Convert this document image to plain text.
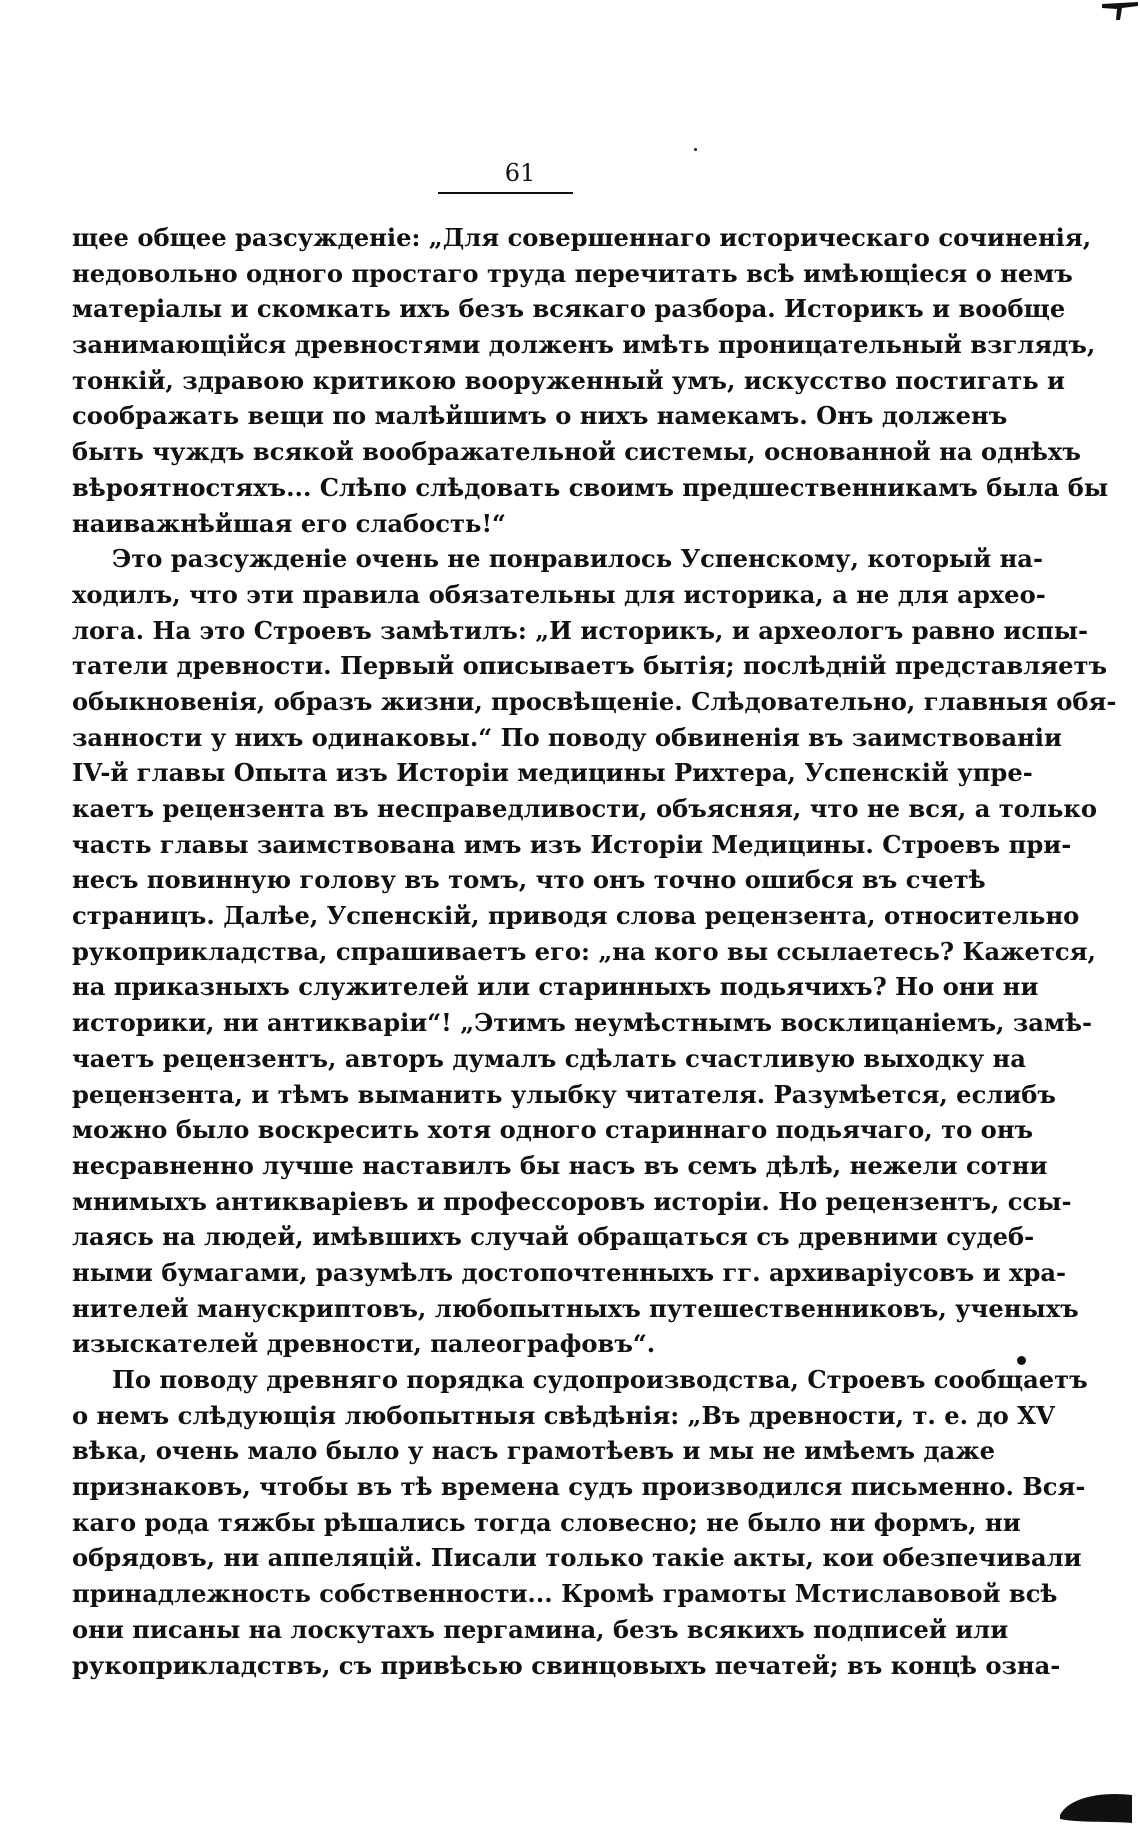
61
щее общее разсужденіе: „Для совершеннаго историческаго сочиненія,
недовольно одного простаго труда перечитать всѣ имѣющіеся о немъ
матеріалы и скомкать ихъ безъ всякаго разбора. Историкъ и вообще
занимающійся древностями долженъ имѣть проницательный взглядъ,
тонкій, здравою критикою вооруженный умъ, искусство постигать и
соображать вещи по малѣйшимъ о нихъ намекамъ. Онъ долженъ
быть чуждъ всякой воображательной системы, основанной на однѣхъ
вѣроятностяхъ... Слѣпо слѣдовать своимъ предшественникамъ была бы
наиважнѣйшая его слабость!“
Это разсужденіе очень не понравилось Успенскому, который на-
ходилъ, что эти правила обязательны для историка, а не для архео-
лога. На это Строевъ замѣтилъ: „И историкъ, и археологъ равно испы-
татели древности. Первый описываетъ бытія; послѣдній представляетъ
обыкновенія, образъ жизни, просвѣщеніе. Слѣдовательно, главныя обя-
занности у нихъ одинаковы.“ По поводу обвиненія въ заимствованіи
IV-й главы Опыта изъ Исторіи медицины Рихтера, Успенскій упре-
каетъ рецензента въ несправедливости, объясняя, что не вся, а только
часть главы заимствована имъ изъ Исторіи Медицины. Строевъ при-
несъ повинную голову въ томъ, что онъ точно ошибся въ счетѣ
страницъ. Далѣе, Успенскій, приводя слова рецензента, относительно
рукоприкладства, спрашиваетъ его: „на кого вы ссылаетесь? Кажется,
на приказныхъ служителей или старинныхъ подьячихъ? Но они ни
историки, ни антикваріи“! „Этимъ неумѣстнымъ восклицаніемъ, замѣ-
чаетъ рецензентъ, авторъ думалъ сдѣлать счастливую выходку на
рецензента, и тѣмъ выманить улыбку читателя. Разумѣется, еслибъ
можно было воскресить хотя одного стариннаго подьячаго, то онъ
несравненно лучше наставилъ бы насъ въ семъ дѣлѣ, нежели сотни
мнимыхъ антикваріевъ и профессоровъ исторіи. Но рецензентъ, ссы-
лаясь на людей, имѣвшихъ случай обращаться съ древними судеб-
ными бумагами, разумѣлъ достопочтенныхъ гг. архиваріусовъ и хра-
нителей манускриптовъ, любопытныхъ путешественниковъ, ученыхъ
изыскателей древности, палеографовъ“.
По поводу древняго порядка судопроизводства, Строевъ сообщаетъ
о немъ слѣдующія любопытныя свѣдѣнія: „Въ древности, т. е. до XV
вѣка, очень мало было у насъ грамотѣевъ и мы не имѣемъ даже
признаковъ, чтобы въ тѣ времена судъ производился письменно. Вся-
каго рода тяжбы рѣшались тогда словесно; не было ни формъ, ни
обрядовъ, ни аппеляцій. Писали только такіе акты, кои обезпечивали
принадлежность собственности... Кромѣ грамоты Мстиславовой всѣ
они писаны на лоскутахъ пергамина, безъ всякихъ подписей или
рукоприкладствъ, съ привѣсью свинцовыхъ печатей; въ концѣ озна-
